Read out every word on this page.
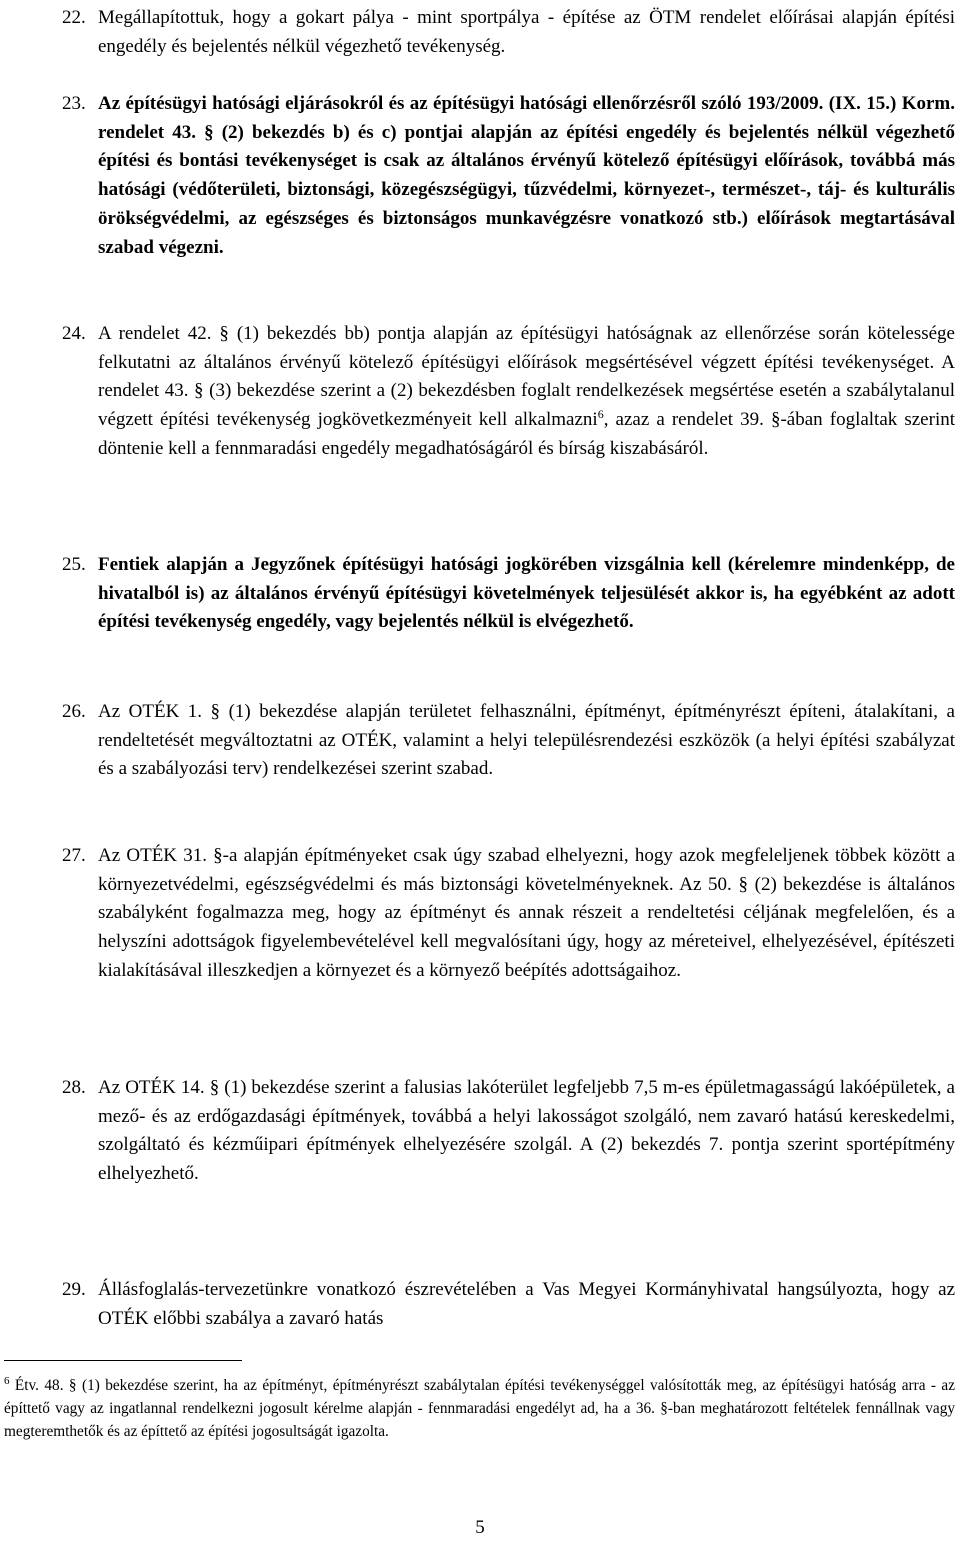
22. Megállapítottuk, hogy a gokart pálya - mint sportpálya - építése az ÖTM rendelet előírásai alapján építési engedély és bejelentés nélkül végezhető tevékenység.
23. Az építésügyi hatósági eljárásokról és az építésügyi hatósági ellenőrzésről szóló 193/2009. (IX. 15.) Korm. rendelet 43. § (2) bekezdés b) és c) pontjai alapján az építési engedély és bejelentés nélkül végezhető építési és bontási tevékenységet is csak az általános érvényű kötelező építésügyi előírások, továbbá más hatósági (védőterületi, biztonsági, közegészségügyi, tűzvédelmi, környezet-, természet-, táj- és kulturális örökségvédelmi, az egészséges és biztonságos munkavégzésre vonatkozó stb.) előírások megtartásával szabad végezni.
24. A rendelet 42. § (1) bekezdés bb) pontja alapján az építésügyi hatóságnak az ellenőrzése során kötelessége felkutatni az általános érvényű kötelező építésügyi előírások megsértésével végzett építési tevékenységet. A rendelet 43. § (3) bekezdése szerint a (2) bekezdésben foglalt rendelkezések megsértése esetén a szabálytalanul végzett építési tevékenység jogkövetkezményeit kell alkalmazni$^6$, azaz a rendelet 39. §-ában foglaltak szerint döntenie kell a fennmaradási engedély megadhatóságáról és bírság kiszabásáról.
25. Fentiek alapján a Jegyzőnek építésügyi hatósági jogkörében vizsgálnia kell (kérelemre mindenképp, de hivatalból is) az általános érvényű építésügyi követelmények teljesülését akkor is, ha egyébként az adott építési tevékenység engedély, vagy bejelentés nélkül is elvégezhető.
26. Az OTÉK 1. § (1) bekezdése alapján területet felhasználni, építményt, építményrészt építeni, átalakítani, a rendeltetését megváltoztatni az OTÉK, valamint a helyi településrendezési eszközök (a helyi építési szabályzat és a szabályozási terv) rendelkezései szerint szabad.
27. Az OTÉK 31. §-a alapján építményeket csak úgy szabad elhelyezni, hogy azok megfeleljenek többek között a környezetvédelmi, egészségvédelmi és más biztonsági követelményeknek. Az 50. § (2) bekezdése is általános szabályként fogalmazza meg, hogy az építményt és annak részeit a rendeltetési céljának megfelelően, és a helyszíni adottságok figyelembevételével kell megvalósítani úgy, hogy az méreteivel, elhelyezésével, építészeti kialakításával illeszkedjen a környezet és a környező beépítés adottságaihoz.
28. Az OTÉK 14. § (1) bekezdése szerint a falusias lakóterület legfeljebb 7,5 m-es épületmagasságú lakóépületek, a mező- és az erdőgazdasági építmények, továbbá a helyi lakosságot szolgáló, nem zavaró hatású kereskedelmi, szolgáltató és kézműipari építmények elhelyezésére szolgál. A (2) bekezdés 7. pontja szerint sportépítmény elhelyezhető.
29. Állásfoglalás-tervezetünkre vonatkozó észrevételében a Vas Megyei Kormányhivatal hangsúlyozta, hogy az OTÉK előbbi szabálya a zavaró hatás
$^6$ Étv. 48. § (1) bekezdése szerint, ha az építményt, építményrészt szabálytalan építési tevékenységgel valósították meg, az építésügyi hatóság arra - az építtető vagy az ingatlannal rendelkezni jogosult kérelme alapján - fennmaradási engedélyt ad, ha a 36. §-ban meghatározott feltételek fennállnak vagy megteremthetők és az építtető az építési jogosultságát igazolta.
5
